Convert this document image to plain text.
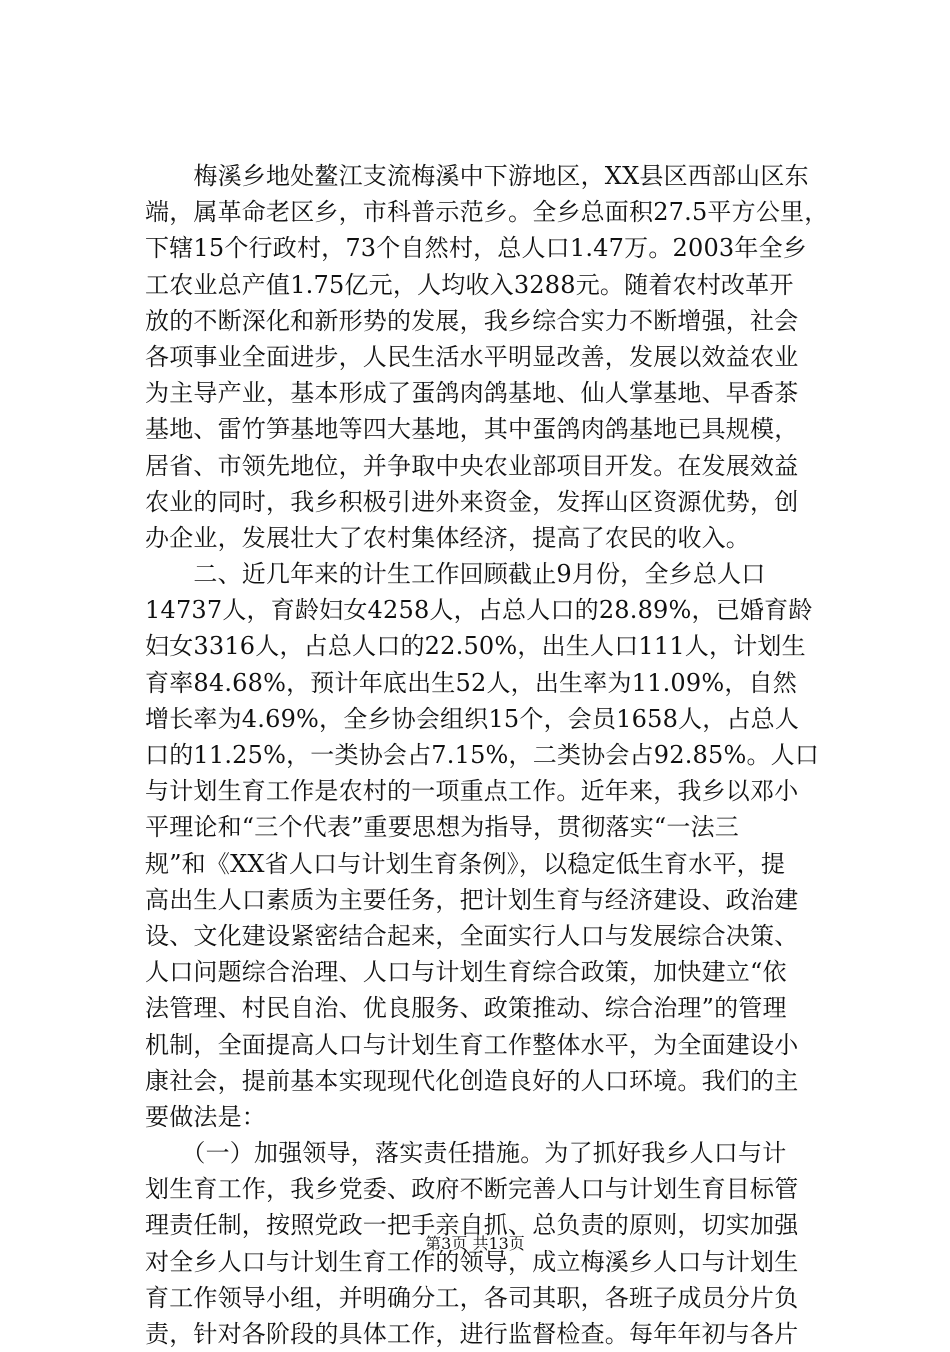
　　梅溪乡地处鳌江支流梅溪中下游地区，XX县区西部山区东
端，属革命老区乡，市科普示范乡。全乡总面积27.5平方公里，
下辖15个行政村，73个自然村，总人口1.47万。2003年全乡
工农业总产值1.75亿元，人均收入3288元。随着农村改革开
放的不断深化和新形势的发展，我乡综合实力不断增强，社会
各项事业全面进步，人民生活水平明显改善，发展以效益农业
为主导产业，基本形成了蛋鸽肉鸽基地、仙人掌基地、早香茶
基地、雷竹笋基地等四大基地，其中蛋鸽肉鸽基地已具规模，
居省、市领先地位，并争取中央农业部项目开发。在发展效益
农业的同时，我乡积极引进外来资金，发挥山区资源优势，创
办企业，发展壮大了农村集体经济，提高了农民的收入。
　　二、近几年来的计生工作回顾截止9月份，全乡总人口
14737人，育龄妇女4258人，占总人口的28.89%，已婚育龄
妇女3316人，占总人口的22.50%，出生人口111人，计划生
育率84.68%，预计年底出生52人，出生率为11.09%，自然
增长率为4.69%，全乡协会组织15个，会员1658人，占总人
口的11.25%，一类协会占7.15%，二类协会占92.85%。人口
与计划生育工作是农村的一项重点工作。近年来，我乡以邓小
平理论和“三个代表”重要思想为指导，贯彻落实“一法三
规”和《XX省人口与计划生育条例》，以稳定低生育水平，提
高出生人口素质为主要任务，把计划生育与经济建设、政治建
设、文化建设紧密结合起来，全面实行人口与发展综合决策、
人口问题综合治理、人口与计划生育综合政策，加快建立“依
法管理、村民自治、优良服务、政策推动、综合治理”的管理
机制，全面提高人口与计划生育工作整体水平，为全面建设小
康社会，提前基本实现现代化创造良好的人口环境。我们的主
要做法是：
　　（一）加强领导，落实责任措施。为了抓好我乡人口与计
划生育工作，我乡党委、政府不断完善人口与计划生育目标管
理责任制，按照党政一把手亲自抓、总负责的原则，切实加强
对全乡人口与计划生育工作的领导，成立梅溪乡人口与计划生
育工作领导小组，并明确分工，各司其职，各班子成员分片负
责，针对各阶段的具体工作，进行监督检查。每年年初与各片
第3页 共13页
